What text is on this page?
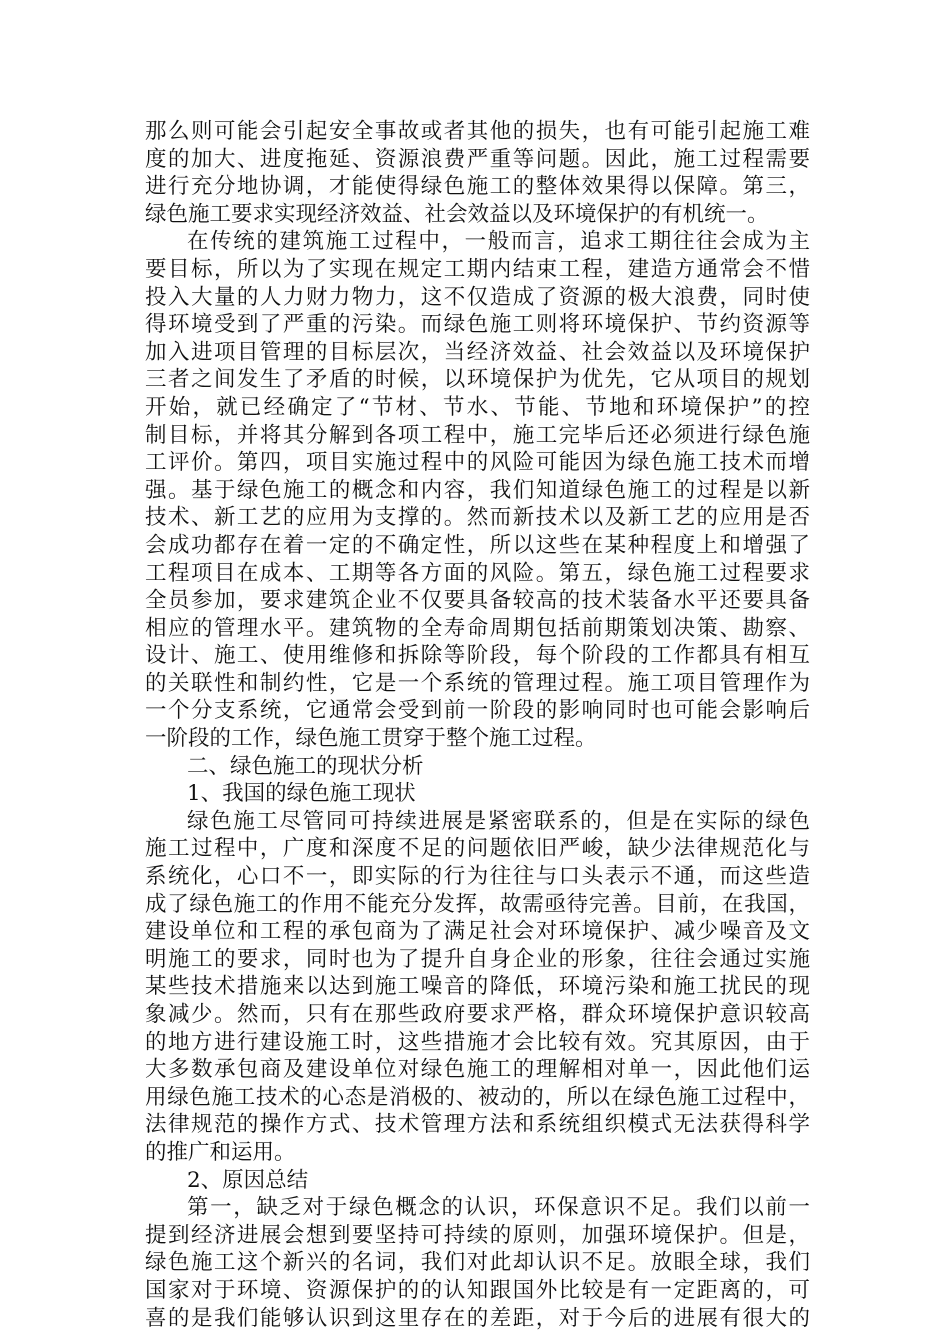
那么则可能会引起安全事故或者其他的损失，也有可能引起施工难
度的加大、进度拖延、资源浪费严重等问题。因此，施工过程需要
进行充分地协调，才能使得绿色施工的整体效果得以保障。第三，
绿色施工要求实现经济效益、社会效益以及环境保护的有机统一。
在传统的建筑施工过程中，一般而言，追求工期往往会成为主
要目标，所以为了实现在规定工期内结束工程，建造方通常会不惜
投入大量的人力财力物力，这不仅造成了资源的极大浪费，同时使
得环境受到了严重的污染。而绿色施工则将环境保护、节约资源等
加入进项目管理的目标层次，当经济效益、社会效益以及环境保护
三者之间发生了矛盾的时候，以环境保护为优先，它从项目的规划
开始，就已经确定了“节材、节水、节能、节地和环境保护”的控
制目标，并将其分解到各项工程中，施工完毕后还必须进行绿色施
工评价。第四，项目实施过程中的风险可能因为绿色施工技术而增
强。基于绿色施工的概念和内容，我们知道绿色施工的过程是以新
技术、新工艺的应用为支撑的。然而新技术以及新工艺的应用是否
会成功都存在着一定的不确定性，所以这些在某种程度上和增强了
工程项目在成本、工期等各方面的风险。第五，绿色施工过程要求
全员参加，要求建筑企业不仅要具备较高的技术装备水平还要具备
相应的管理水平。建筑物的全寿命周期包括前期策划决策、勘察、
设计、施工、使用维修和拆除等阶段，每个阶段的工作都具有相互
的关联性和制约性，它是一个系统的管理过程。施工项目管理作为
一个分支系统，它通常会受到前一阶段的影响同时也可能会影响后
一阶段的工作，绿色施工贯穿于整个施工过程。
二、绿色施工的现状分析
1、我国的绿色施工现状
绿色施工尽管同可持续进展是紧密联系的，但是在实际的绿色
施工过程中，广度和深度不足的问题依旧严峻，缺少法律规范化与
系统化，心口不一，即实际的行为往往与口头表示不通，而这些造
成了绿色施工的作用不能充分发挥，故需亟待完善。目前，在我国，
建设单位和工程的承包商为了满足社会对环境保护、减少噪音及文
明施工的要求，同时也为了提升自身企业的形象，往往会通过实施
某些技术措施来以达到施工噪音的降低，环境污染和施工扰民的现
象减少。然而，只有在那些政府要求严格，群众环境保护意识较高
的地方进行建设施工时，这些措施才会比较有效。究其原因，由于
大多数承包商及建设单位对绿色施工的理解相对单一，因此他们运
用绿色施工技术的心态是消极的、被动的，所以在绿色施工过程中，
法律规范的操作方式、技术管理方法和系统组织模式无法获得科学
的推广和运用。
2、原因总结
第一，缺乏对于绿色概念的认识，环保意识不足。我们以前一
提到经济进展会想到要坚持可持续的原则，加强环境保护。但是，
绿色施工这个新兴的名词，我们对此却认识不足。放眼全球，我们
国家对于环境、资源保护的的认知跟国外比较是有一定距离的，可
喜的是我们能够认识到这里存在的差距，对于今后的进展有很大的
